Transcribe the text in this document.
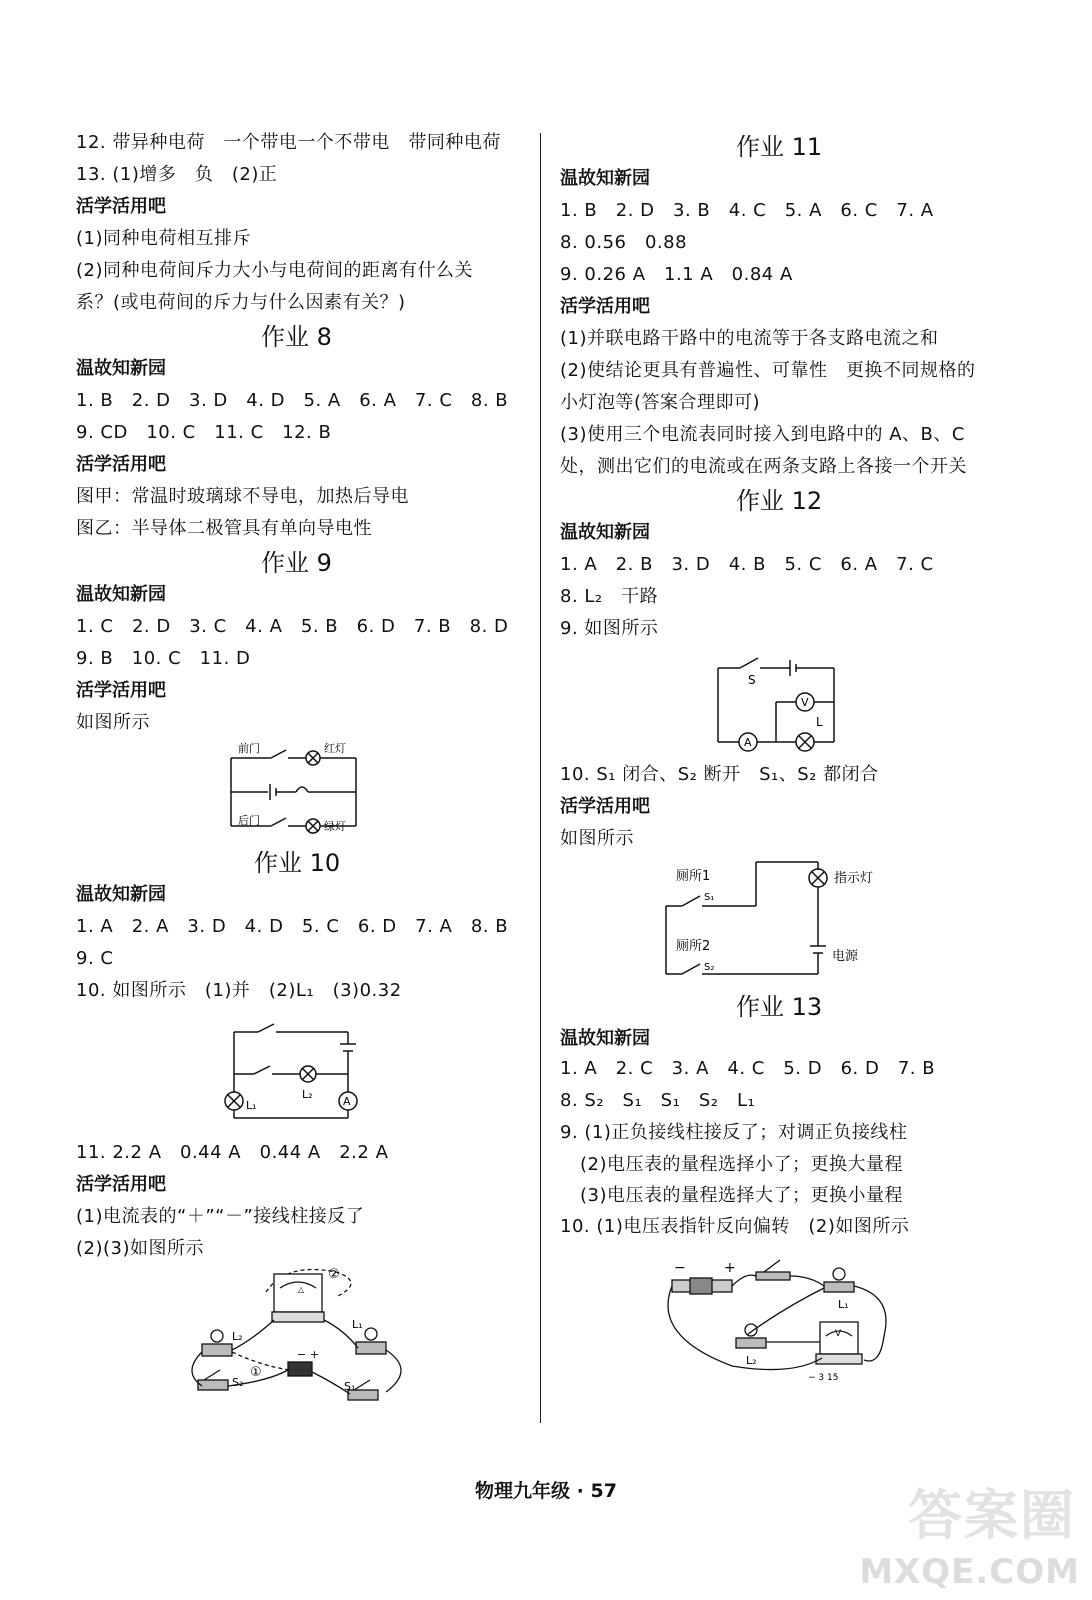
12. 带异种电荷　一个带电一个不带电　带同种电荷
13. (1)增多　负　(2)正
活学活用吧
(1)同种电荷相互排斥
(2)同种电荷间斥力大小与电荷间的距离有什么关
系？(或电荷间的斥力与什么因素有关？)
作业 8
温故知新园
1. B　2. D　3. D　4. D　5. A　6. A　7. C　8. B
9. CD　10. C　11. C　12. B
活学活用吧
图甲：常温时玻璃球不导电，加热后导电
图乙：半导体二极管具有单向导电性
作业 9
温故知新园
1. C　2. D　3. C　4. A　5. B　6. D　7. B　8. D
9. B　10. C　11. D
活学活用吧
如图所示
前门	红灯
后门	绿灯
作业 10
温故知新园
1. A　2. A　3. D　4. D　5. C　6. D　7. A　8. B
9. C
10. 如图所示　(1)并　(2)L₁　(3)0.32
L₁
L₂
A
11. 2.2 A　0.44 A　0.44 A　2.2 A
活学活用吧
(1)电流表的“＋”“－”接线柱接反了
(2)(3)如图所示
△
− +
L₂
L₁
S₂	S₁
①
②
作业 11
温故知新园
1. B　2. D　3. B　4. C　5. A　6. C　7. A
8. 0.56　0.88
9. 0.26 A　1.1 A　0.84 A
活学活用吧
(1)并联电路干路中的电流等于各支路电流之和
(2)使结论更具有普遍性、可靠性　更换不同规格的
小灯泡等(答案合理即可)
(3)使用三个电流表同时接入到电路中的 A、B、C
处，测出它们的电流或在两条支路上各接一个开关
作业 12
温故知新园
1. A　2. B　3. D　4. B　5. C　6. A　7. C
8. L₂　干路
9. 如图所示
S
V
L
A
10. S₁ 闭合、S₂ 断开　S₁、S₂ 都闭合
活学活用吧
如图所示
厕所1
S₁
厕所2
S₂
指示灯
电源
作业 13
温故知新园
1. A　2. C　3. A　4. C　5. D　6. D　7. B
8. S₂　S₁　S₁　S₂　L₁
9. (1)正负接线柱接反了；对调正负接线柱
(2)电压表的量程选择小了；更换大量程
(3)电压表的量程选择大了；更换小量程
10. (1)电压表指针反向偏转　(2)如图所示
−	+
L₁
L₂
V
− 3 15
物理九年级 · 57	答案圈
MXQE.COM
